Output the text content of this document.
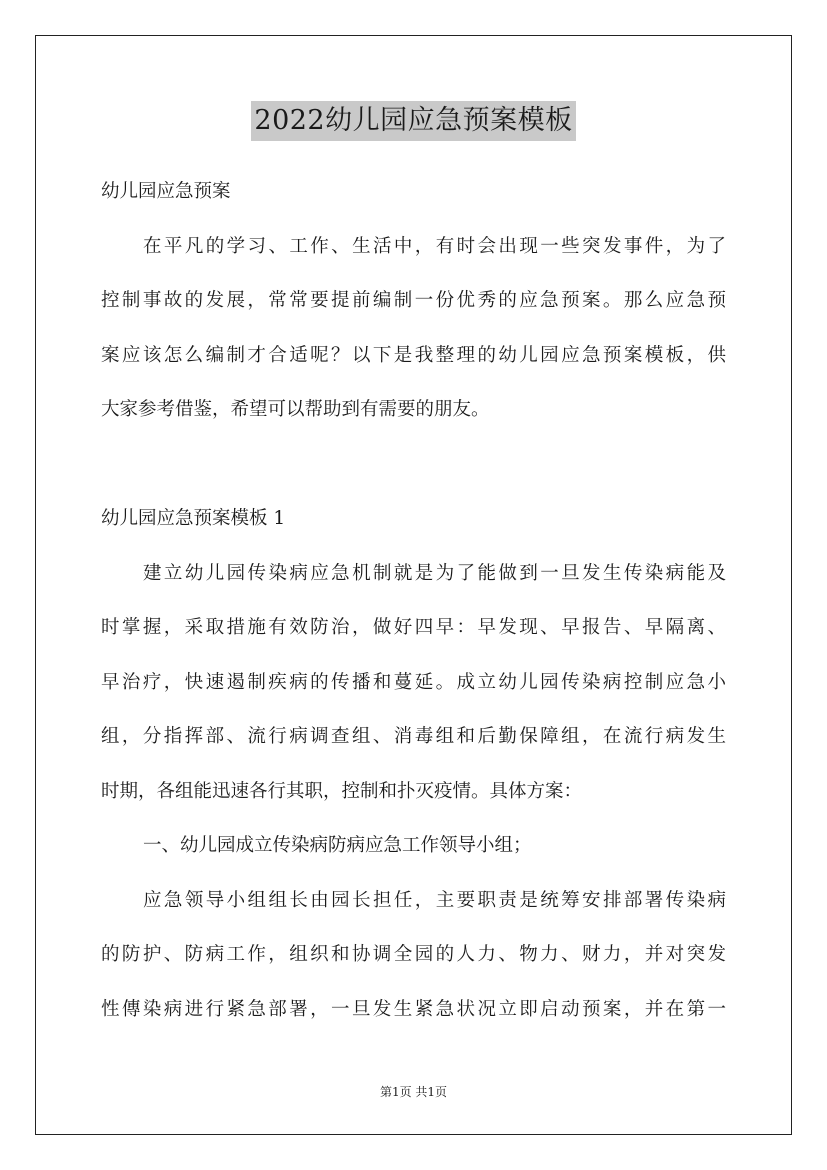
2022幼儿园应急预案模板
幼儿园应急预案
在平凡的学习、工作、生活中，有时会出现一些突发事件，为了
控制事故的发展，常常要提前编制一份优秀的应急预案。那么应急预
案应该怎么编制才合适呢？以下是我整理的幼儿园应急预案模板，供
大家参考借鉴，希望可以帮助到有需要的朋友。
幼儿园应急预案模板 1
建立幼儿园传染病应急机制就是为了能做到一旦发生传染病能及
时掌握，采取措施有效防治，做好四早：早发现、早报告、早隔离、
早治疗，快速遏制疾病的传播和蔓延。成立幼儿园传染病控制应急小
组，分指挥部、流行病调查组、消毒组和后勤保障组，在流行病发生
时期，各组能迅速各行其职，控制和扑灭疫情。具体方案：
一、幼儿园成立传染病防病应急工作领导小组；
应急领导小组组长由园长担任，主要职责是统筹安排部署传染病
的防护、防病工作，组织和协调全园的人力、物力、财力，并对突发
性傳染病进行紧急部署，一旦发生紧急状况立即启动预案，并在第一
第1页 共1页
